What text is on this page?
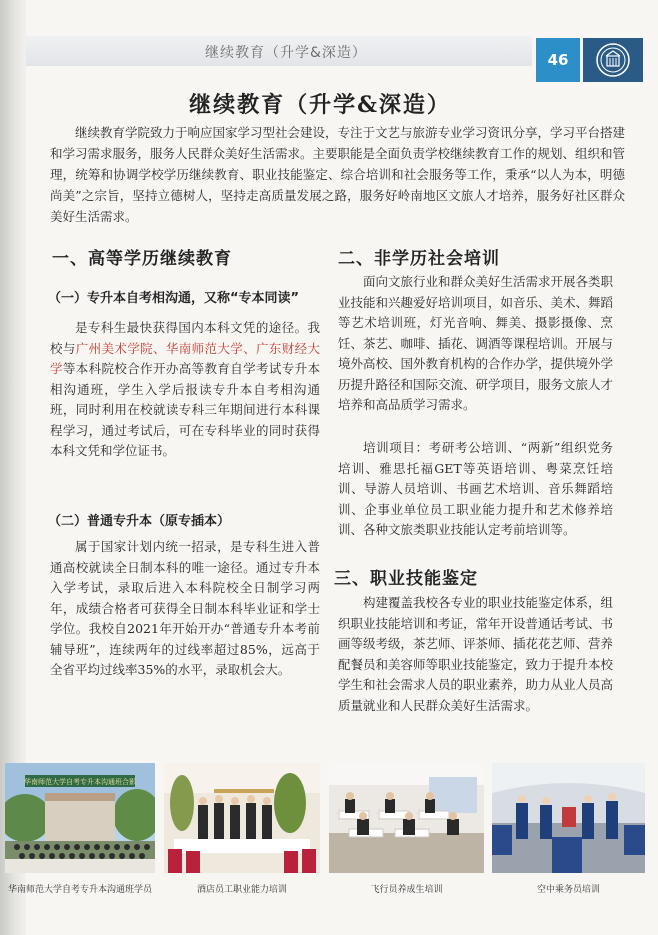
继续教育（升学&深造）	46
继续教育（升学&深造）

继续教育学院致力于响应国家学习型社会建设，专注于文艺与旅游专业学习资讯分享，学习平台搭建和学习需求服务，服务人民群众美好生活需求。主要职能是全面负责学校继续教育工作的规划、组织和管理，统筹和协调学校学历继续教育、职业技能鉴定、综合培训和社会服务等工作，秉承“以人为本，明德尚美”之宗旨，坚持立德树人，坚持走高质量发展之路，服务好岭南地区文旅人才培养，服务好社区群众美好生活需求。

一、高等学历继续教育
（一）专升本自考相沟通，又称“专本同读”

是专科生最快获得国内本科文凭的途径。我校与广州美术学院、华南师范大学、广东财经大学等本科院校合作开办高等教育自学考试专升本相沟通班，学生入学后报读专升本自考相沟通班，同时利用在校就读专科三年期间进行本科课程学习，通过考试后，可在专科毕业的同时获得本科文凭和学位证书。

（二）普通专升本（原专插本）

属于国家计划内统一招录，是专科生进入普通高校就读全日制本科的唯一途径。通过专升本入学考试，录取后进入本科院校全日制学习两年，成绩合格者可获得全日制本科毕业证和学士学位。我校自2021年开始开办“普通专升本考前辅导班”，连续两年的过线率超过85%，远高于全省平均过线率35%的水平，录取机会大。

二、非学历社会培训

面向文旅行业和群众美好生活需求开展各类职业技能和兴趣爱好培训项目，如音乐、美术、舞蹈等艺术培训班，灯光音响、舞美、摄影摄像、烹饪、茶艺、咖啡、插花、调酒等课程培训。开展与境外高校、国外教育机构的合作办学，提供境外学历提升路径和国际交流、研学项目，服务文旅人才培养和高品质学习需求。

培训项目：考研考公培训、“两新”组织党务培训、雅思托福GET等英语培训、粤菜烹饪培训、导游人员培训、书画艺术培训、音乐舞蹈培训、企事业单位员工职业能力提升和艺术修养培训、各种文旅类职业技能认定考前培训等。

三、职业技能鉴定

构建覆盖我校各专业的职业技能鉴定体系，组织职业技能培训和考证，常年开设普通话考试、书画等级考级，茶艺师、评茶师、插花花艺师、营养配餐员和美容师等职业技能鉴定，致力于提升本校学生和社会需求人员的职业素养，助力从业人员高质量就业和人民群众美好生活需求。

华南师范大学自考专升本沟通班合影
华南师范大学自考专升本沟通班学员	酒店员工职业能力培训	飞行员养成生培训	空中乘务员培训
